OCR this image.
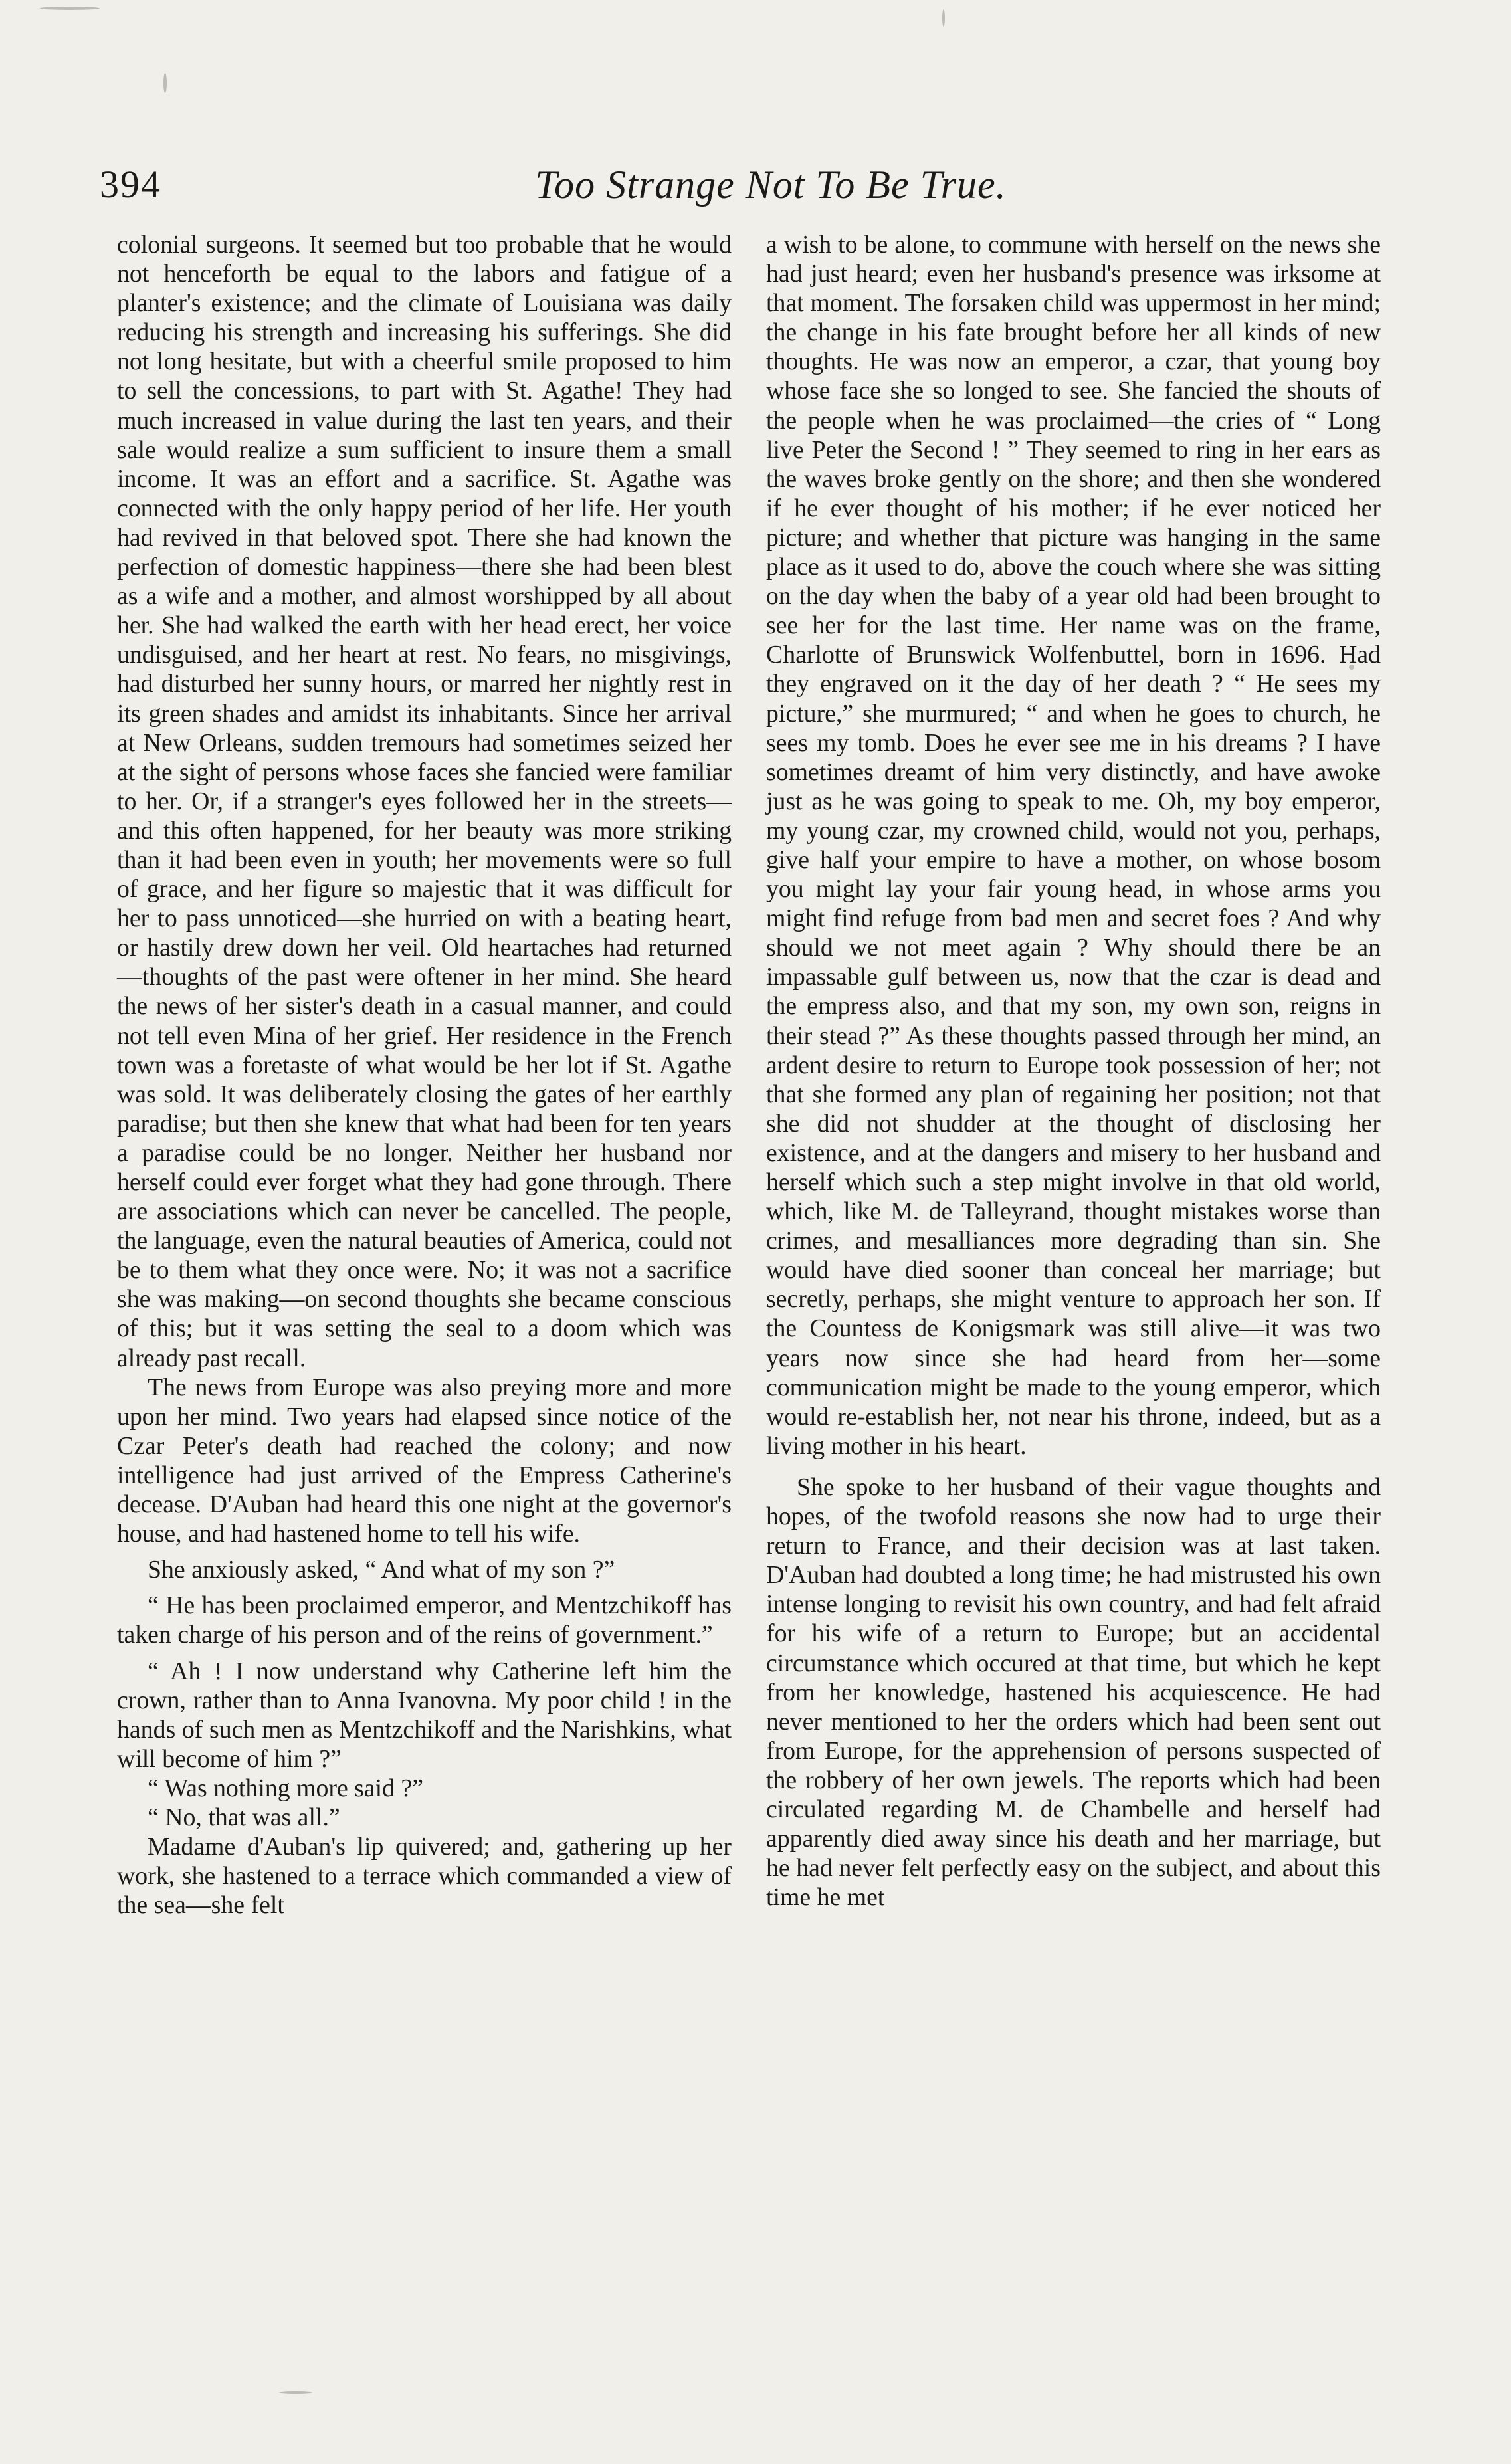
394	Too Strange Not To Be True.

colonial surgeons. It seemed but too probable that he would not henceforth be equal to the labors and fatigue of a planter's existence; and the climate of Louisiana was daily reducing his strength and increasing his sufferings. She did not long hesitate, but with a cheerful smile proposed to him to sell the concessions, to part with St. Agathe! They had much increased in value during the last ten years, and their sale would realize a sum sufficient to insure them a small income. It was an effort and a sacrifice. St. Agathe was connected with the only happy period of her life. Her youth had revived in that beloved spot. There she had known the perfection of domestic happiness—there she had been blest as a wife and a mother, and almost worshipped by all about her. She had walked the earth with her head erect, her voice undisguised, and her heart at rest. No fears, no misgivings, had disturbed her sunny hours, or marred her nightly rest in its green shades and amidst its inhabitants. Since her arrival at New Orleans, sudden tremours had sometimes seized her at the sight of persons whose faces she fancied were familiar to her. Or, if a stranger's eyes followed her in the streets—and this often happened, for her beauty was more striking than it had been even in youth; her movements were so full of grace, and her figure so majestic that it was difficult for her to pass unnoticed—she hurried on with a beating heart, or hastily drew down her veil. Old heartaches had returned—thoughts of the past were oftener in her mind. She heard the news of her sister's death in a casual manner, and could not tell even Mina of her grief. Her residence in the French town was a foretaste of what would be her lot if St. Agathe was sold. It was deliberately closing the gates of her earthly paradise; but then she knew that what had been for ten years a paradise could be no longer. Neither her husband nor herself could ever forget what they had gone through. There are associations which can never be cancelled. The people, the language, even the natural beauties of America, could not be to them what they once were. No; it was not a sacrifice she was making—on second thoughts she became conscious of this; but it was setting the seal to a doom which was already past recall.

The news from Europe was also preying more and more upon her mind. Two years had elapsed since notice of the Czar Peter's death had reached the colony; and now intelligence had just arrived of the Empress Catherine's decease. D'Auban had heard this one night at the governor's house, and had hastened home to tell his wife.

She anxiously asked, “ And what of my son ?”

“ He has been proclaimed emperor, and Mentzchikoff has taken charge of his person and of the reins of government.”

“ Ah ! I now understand why Catherine left him the crown, rather than to Anna Ivanovna. My poor child ! in the hands of such men as Mentzchikoff and the Narishkins, what will become of him ?”

“ Was nothing more said ?”

“ No, that was all.”

Madame d'Auban's lip quivered; and, gathering up her work, she hastened to a terrace which commanded a view of the sea—she felt

a wish to be alone, to commune with herself on the news she had just heard; even her husband's presence was irksome at that moment. The forsaken child was uppermost in her mind; the change in his fate brought before her all kinds of new thoughts. He was now an emperor, a czar, that young boy whose face she so longed to see. She fancied the shouts of the people when he was proclaimed—the cries of “ Long live Peter the Second ! ” They seemed to ring in her ears as the waves broke gently on the shore; and then she wondered if he ever thought of his mother; if he ever noticed her picture; and whether that picture was hanging in the same place as it used to do, above the couch where she was sitting on the day when the baby of a year old had been brought to see her for the last time. Her name was on the frame, Charlotte of Brunswick Wolfenbuttel, born in 1696. Had they engraved on it the day of her death ? “ He sees my picture,” she murmured; “ and when he goes to church, he sees my tomb. Does he ever see me in his dreams ? I have sometimes dreamt of him very distinctly, and have awoke just as he was going to speak to me. Oh, my boy emperor, my young czar, my crowned child, would not you, perhaps, give half your empire to have a mother, on whose bosom you might lay your fair young head, in whose arms you might find refuge from bad men and secret foes ? And why should we not meet again ? Why should there be an impassable gulf between us, now that the czar is dead and the empress also, and that my son, my own son, reigns in their stead ?” As these thoughts passed through her mind, an ardent desire to return to Europe took possession of her; not that she formed any plan of regaining her position; not that she did not shudder at the thought of disclosing her existence, and at the dangers and misery to her husband and herself which such a step might involve in that old world, which, like M. de Talleyrand, thought mistakes worse than crimes, and mesalliances more degrading than sin. She would have died sooner than conceal her marriage; but secretly, perhaps, she might venture to approach her son. If the Countess de Konigsmark was still alive—it was two years now since she had heard from her—some communication might be made to the young emperor, which would re-establish her, not near his throne, indeed, but as a living mother in his heart.

She spoke to her husband of their vague thoughts and hopes, of the twofold reasons she now had to urge their return to France, and their decision was at last taken. D'Auban had doubted a long time; he had mistrusted his own intense longing to revisit his own country, and had felt afraid for his wife of a return to Europe; but an accidental circumstance which occured at that time, but which he kept from her knowledge, hastened his acquiescence. He had never mentioned to her the orders which had been sent out from Europe, for the apprehension of persons suspected of the robbery of her own jewels. The reports which had been circulated regarding M. de Chambelle and herself had apparently died away since his death and her marriage, but he had never felt perfectly easy on the subject, and about this time he met
